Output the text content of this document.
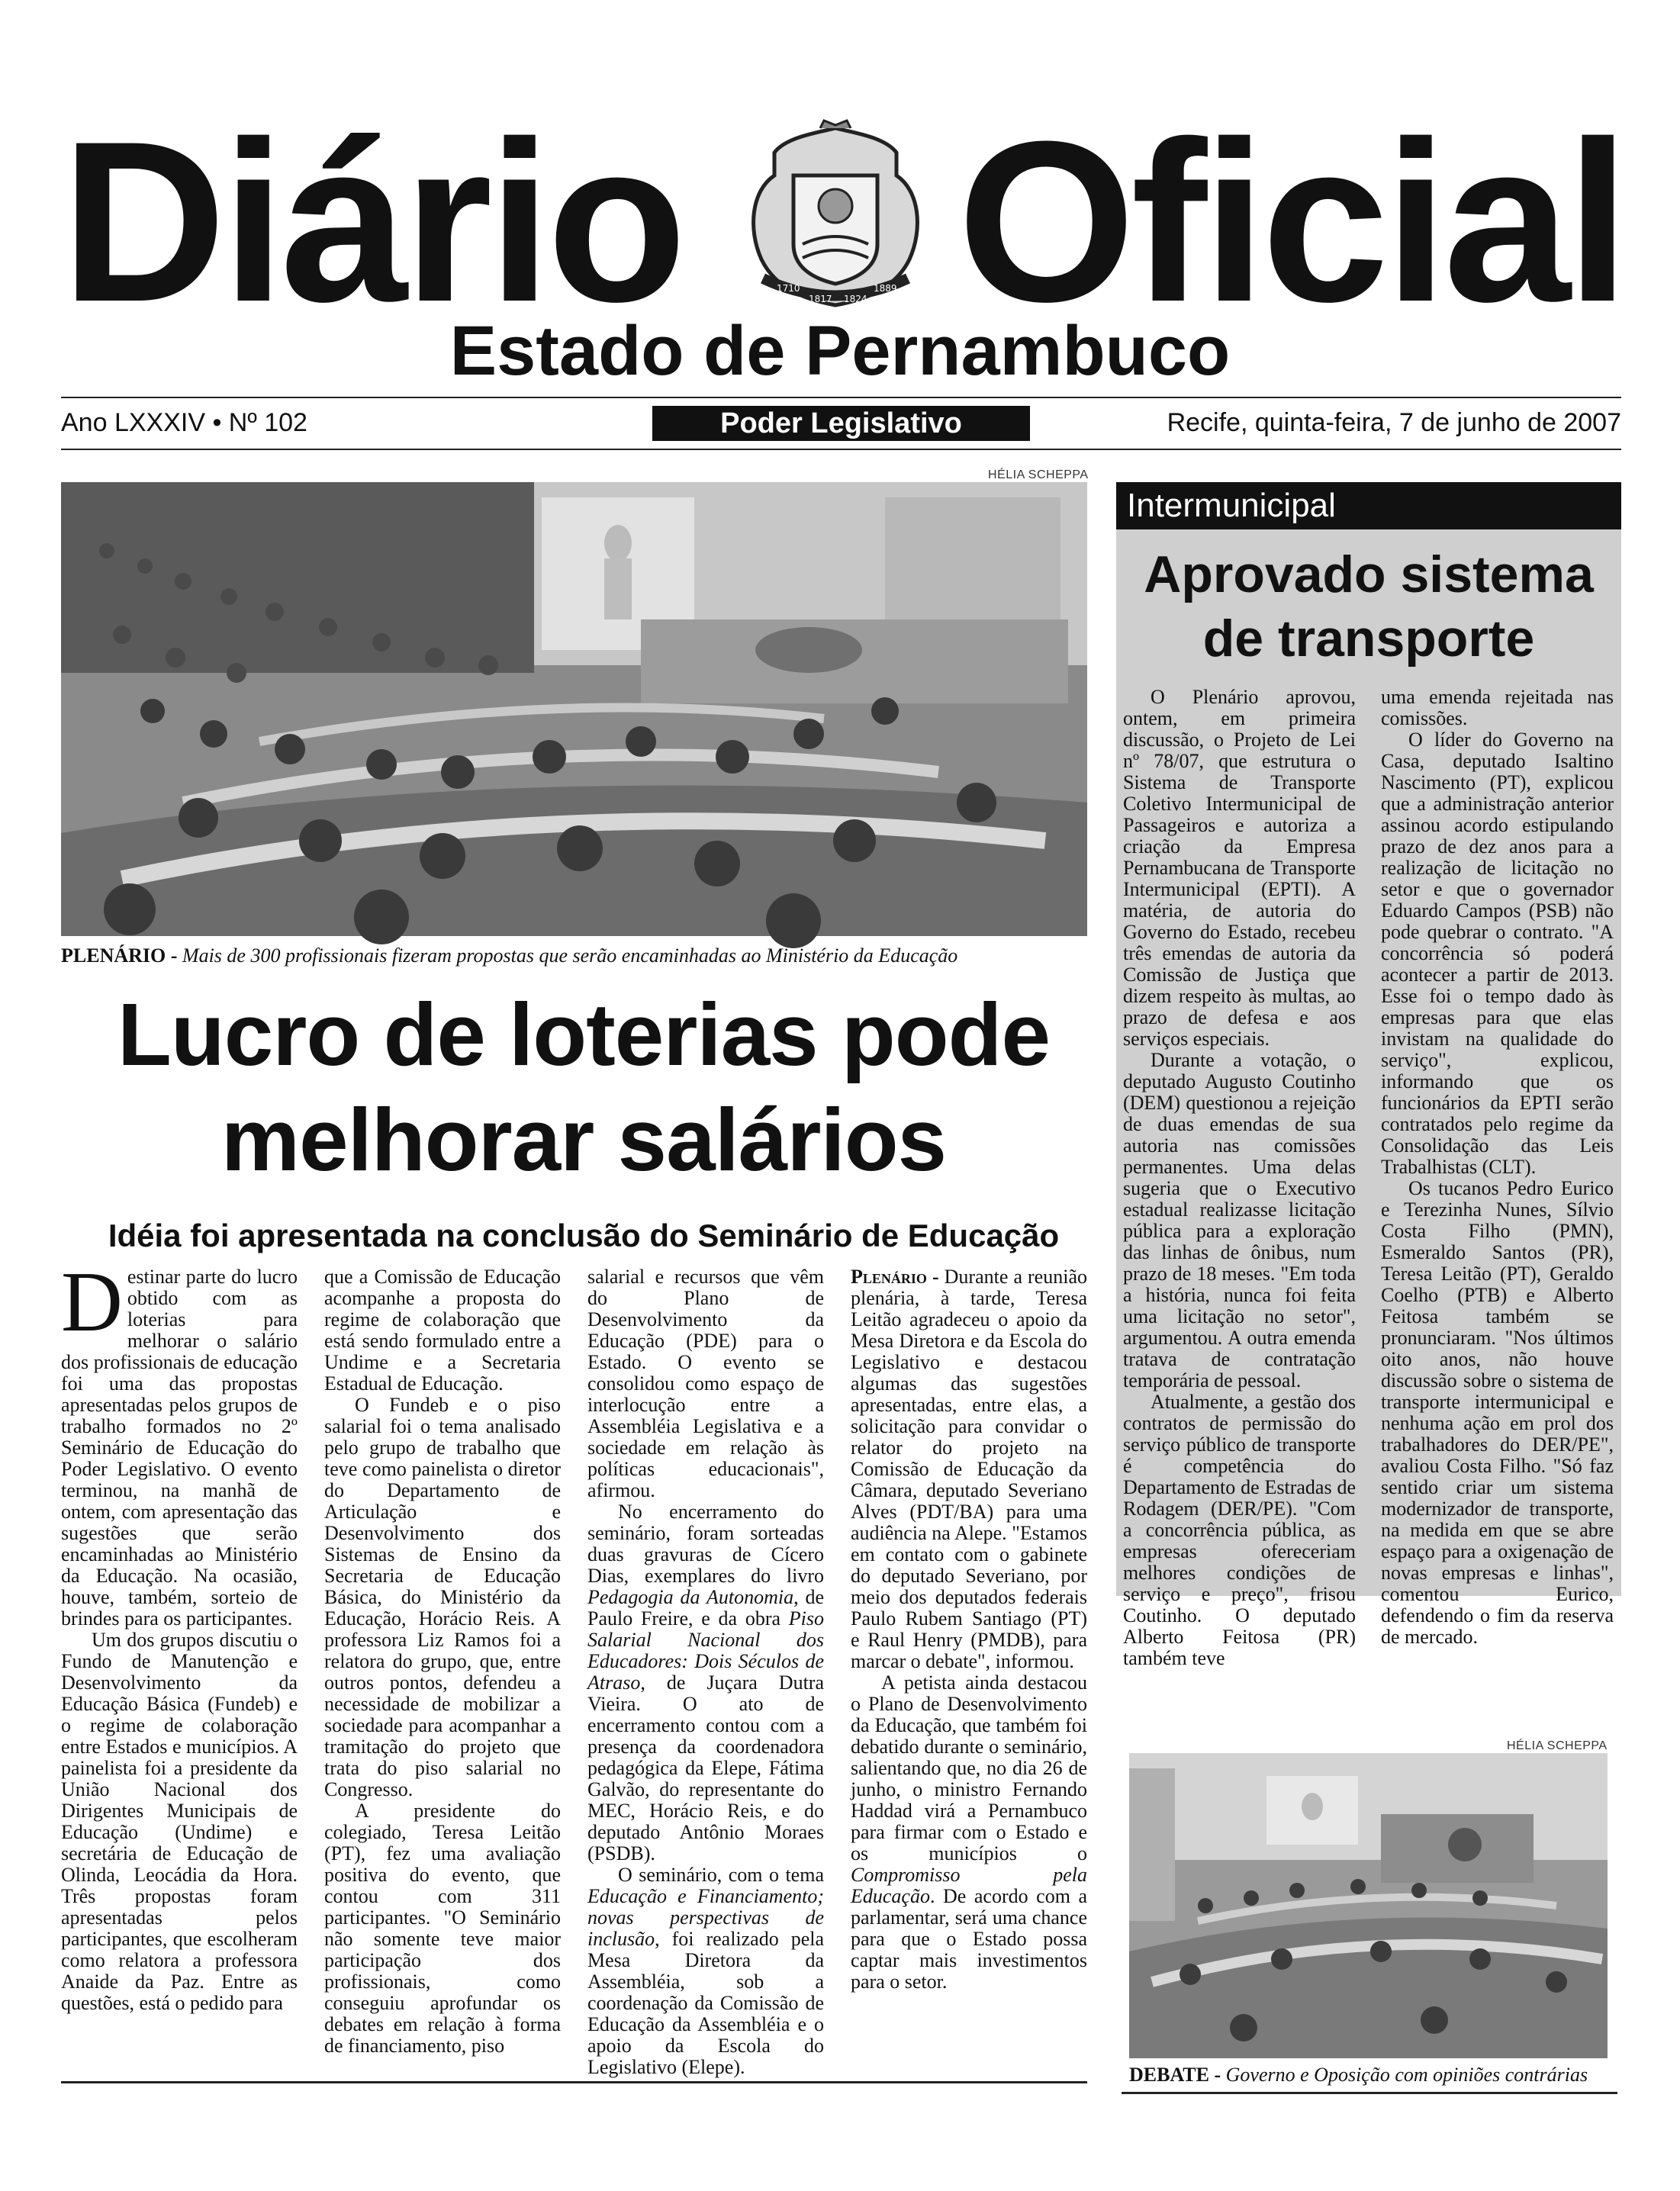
Diário	1710
1817 1824
1889 Oficial
Estado de Pernambuco
Ano LXXXIV • Nº 102	Poder Legislativo	Recife, quinta-feira, 7 de junho de 2007
HÉLIA SCHEPPA
PLENÁRIO - Mais de 300 profissionais fizeram propostas que serão encaminhadas ao Ministério da Educação
Lucro de loterias pode
melhorar salários
Idéia foi apresentada na conclusão do Seminário de Educação

Destinar parte do lucro obtido com as loterias para melhorar o salário dos profissionais de educação foi uma das propostas apresentadas pelos grupos de trabalho formados no 2º Seminário de Educação do Poder Legislativo. O evento terminou, na manhã de ontem, com apresentação das sugestões que serão encaminhadas ao Ministério da Educação. Na ocasião, houve, também, sorteio de brindes para os participantes.

Um dos grupos discutiu o Fundo de Manutenção e Desenvolvimento da Educação Básica (Fundeb) e o regime de colaboração entre Estados e municípios. A painelista foi a presidente da União Nacional dos Dirigentes Municipais de Educação (Undime) e secretária de Educação de Olinda, Leocádia da Hora. Três propostas foram apresentadas pelos participantes, que escolheram como relatora a professora Anaide da Paz. Entre as questões, está o pedido para

que a Comissão de Educação acompanhe a proposta do regime de colaboração que está sendo formulado entre a Undime e a Secretaria Estadual de Educação.

O Fundeb e o piso salarial foi o tema analisado pelo grupo de trabalho que teve como painelista o diretor do Departamento de Articulação e Desenvolvimento dos Sistemas de Ensino da Secretaria de Educação Básica, do Ministério da Educação, Horácio Reis. A professora Liz Ramos foi a relatora do grupo, que, entre outros pontos, defendeu a necessidade de mobilizar a sociedade para acompanhar a tramitação do projeto que trata do piso salarial no Congresso.

A presidente do colegiado, Teresa Leitão (PT), fez uma avaliação positiva do evento, que contou com 311 participantes. "O Seminário não somente teve maior participação dos profissionais, como conseguiu aprofundar os debates em relação à forma de financiamento, piso

salarial e recursos que vêm do Plano de Desenvolvimento da Educação (PDE) para o Estado. O evento se consolidou como espaço de interlocução entre a Assembléia Legislativa e a sociedade em relação às políticas educacionais", afirmou.

No encerramento do seminário, foram sorteadas duas gravuras de Cícero Dias, exemplares do livro Pedagogia da Autonomia, de Paulo Freire, e da obra Piso Salarial Nacional dos Educadores: Dois Séculos de Atraso, de Juçara Dutra Vieira. O ato de encerramento contou com a presença da coordenadora pedagógica da Elepe, Fátima Galvão, do representante do MEC, Horácio Reis, e do deputado Antônio Moraes (PSDB).

O seminário, com o tema Educação e Financiamento; novas perspectivas de inclusão, foi realizado pela Mesa Diretora da Assembléia, sob a coordenação da Comissão de Educação da Assembléia e o apoio da Escola do Legislativo (Elepe).

Plenário - Durante a reunião plenária, à tarde, Teresa Leitão agradeceu o apoio da Mesa Diretora e da Escola do Legislativo e destacou algumas das sugestões apresentadas, entre elas, a solicitação para convidar o relator do projeto na Comissão de Educação da Câmara, deputado Severiano Alves (PDT/BA) para uma audiência na Alepe. "Estamos em contato com o gabinete do deputado Severiano, por meio dos deputados federais Paulo Rubem Santiago (PT) e Raul Henry (PMDB), para marcar o debate", informou.

A petista ainda destacou o Plano de Desenvolvimento da Educação, que também foi debatido durante o seminário, salientando que, no dia 26 de junho, o ministro Fernando Haddad virá a Pernambuco para firmar com o Estado e os municípios o Compromisso pela Educação. De acordo com a parlamentar, será uma chance para que o Estado possa captar mais investimentos para o setor.

Intermunicipal
Aprovado sistema
de transporte

O Plenário aprovou, ontem, em primeira discussão, o Projeto de Lei nº 78/07, que estrutura o Sistema de Transporte Coletivo Intermunicipal de Passageiros e autoriza a criação da Empresa Pernambucana de Transporte Intermunicipal (EPTI). A matéria, de autoria do Governo do Estado, recebeu três emendas de autoria da Comissão de Justiça que dizem respeito às multas, ao prazo de defesa e aos serviços especiais.

Durante a votação, o deputado Augusto Coutinho (DEM) questionou a rejeição de duas emendas de sua autoria nas comissões permanentes. Uma delas sugeria que o Executivo estadual realizasse licitação pública para a exploração das linhas de ônibus, num prazo de 18 meses. "Em toda a história, nunca foi feita uma licitação no setor", argumentou. A outra emenda tratava de contratação temporária de pessoal.

Atualmente, a gestão dos contratos de permissão do serviço público de transporte é competência do Departamento de Estradas de Rodagem (DER/PE). "Com a concorrência pública, as empresas ofereceriam melhores condições de serviço e preço", frisou Coutinho. O deputado Alberto Feitosa (PR) também teve

uma emenda rejeitada nas comissões.

O líder do Governo na Casa, deputado Isaltino Nascimento (PT), explicou que a administração anterior assinou acordo estipulando prazo de dez anos para a realização de licitação no setor e que o governador Eduardo Campos (PSB) não pode quebrar o contrato. "A concorrência só poderá acontecer a partir de 2013. Esse foi o tempo dado às empresas para que elas invistam na qualidade do serviço", explicou, informando que os funcionários da EPTI serão contratados pelo regime da Consolidação das Leis Trabalhistas (CLT).

Os tucanos Pedro Eurico e Terezinha Nunes, Sílvio Costa Filho (PMN), Esmeraldo Santos (PR), Teresa Leitão (PT), Geraldo Coelho (PTB) e Alberto Feitosa também se pronunciaram. "Nos últimos oito anos, não houve discussão sobre o sistema de transporte intermunicipal e nenhuma ação em prol dos trabalhadores do DER/PE", avaliou Costa Filho. "Só faz sentido criar um sistema modernizador de transporte, na medida em que se abre espaço para a oxigenação de novas empresas e linhas", comentou Eurico, defendendo o fim da reserva de mercado.

HÉLIA SCHEPPA
DEBATE - Governo e Oposição com opiniões contrárias
